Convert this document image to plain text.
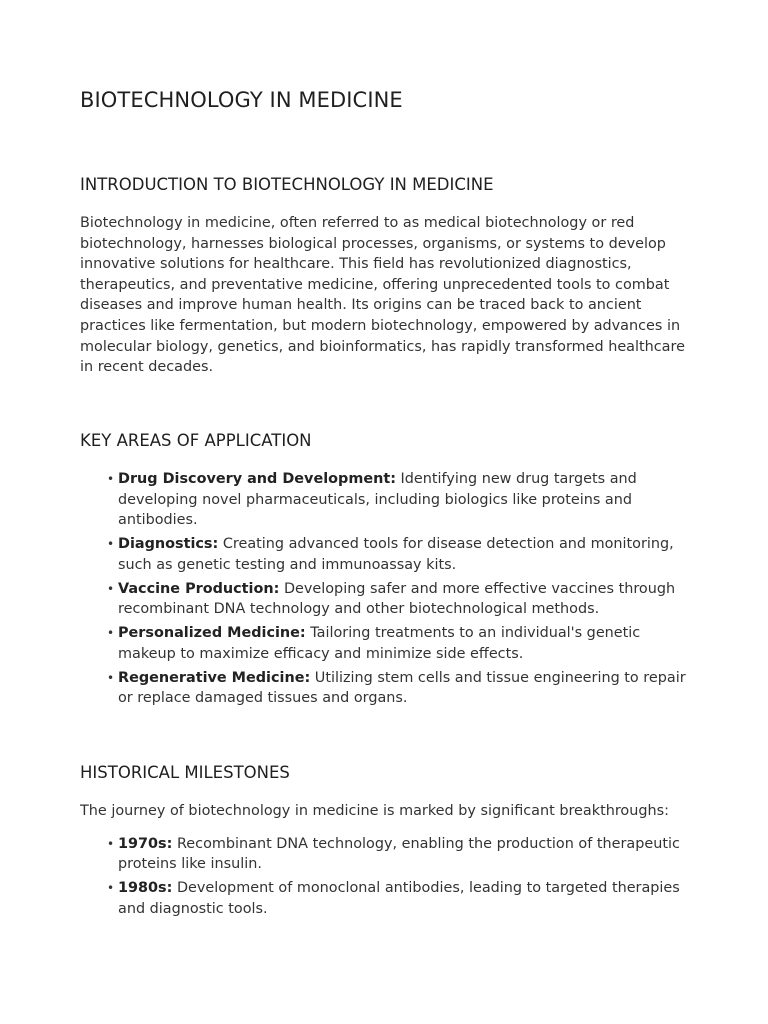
BIOTECHNOLOGY IN MEDICINE
INTRODUCTION TO BIOTECHNOLOGY IN MEDICINE

Biotechnology in medicine, often referred to as medical biotechnology or red biotechnology, harnesses biological processes, organisms, or systems to develop innovative solutions for healthcare. This field has revolutionized diagnostics, therapeutics, and preventative medicine, offering unprecedented tools to combat diseases and improve human health. Its origins can be traced back to ancient practices like fermentation, but modern biotechnology, empowered by advances in molecular biology, genetics, and bioinformatics, has rapidly transformed healthcare in recent decades.

KEY AREAS OF APPLICATION
• Drug Discovery and Development: Identifying new drug targets and developing novel pharmaceuticals, including biologics like proteins and antibodies.
• Diagnostics: Creating advanced tools for disease detection and monitoring, such as genetic testing and immunoassay kits.
• Vaccine Production: Developing safer and more effective vaccines through recombinant DNA technology and other biotechnological methods.
• Personalized Medicine: Tailoring treatments to an individual's genetic makeup to maximize efficacy and minimize side effects.
• Regenerative Medicine: Utilizing stem cells and tissue engineering to repair or replace damaged tissues and organs.
HISTORICAL MILESTONES

The journey of biotechnology in medicine is marked by significant breakthroughs:

• 1970s: Recombinant DNA technology, enabling the production of therapeutic proteins like insulin.
• 1980s: Development of monoclonal antibodies, leading to targeted therapies and diagnostic tools.
